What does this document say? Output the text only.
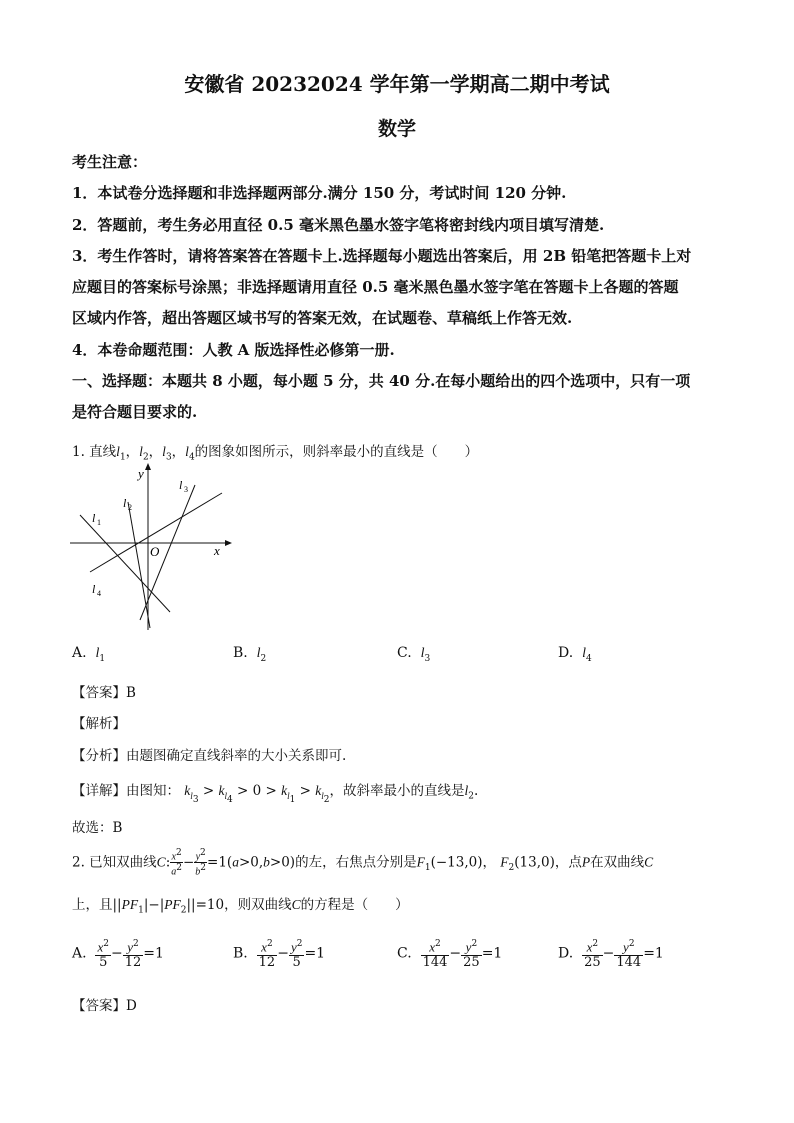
安徽省 20232024 学年第一学期高二期中考试
数学
考生注意：
1．本试卷分选择题和非选择题两部分.满分 150 分，考试时间 120 分钟.
2．答题前，考生务必用直径 0.5 毫米黑色墨水签字笔将密封线内项目填写清楚.
3．考生作答时，请将答案答在答题卡上.选择题每小题选出答案后，用 2B 铅笔把答题卡上对
应题目的答案标号涂黑；非选择题请用直径 0.5 毫米黑色墨水签字笔在答题卡上各题的答题
区域内作答，超出答题区域书写的答案无效，在试题卷、草稿纸上作答无效.
4．本卷命题范围：人教 A 版选择性必修第一册.
一、选择题：本题共 8 小题，每小题 5 分，共 40 分.在每小题给出的四个选项中，只有一项
是符合题目要求的.
1. 直线$l_1$，$l_2$，$l_3$，$l_4$的图象如图所示，则斜率最小的直线是（　　）
x
y
O
l 1
l 2
l 3
l 4
A. $l_1$	B. $l_2$	C. $l_3$	D. $l_4$
【答案】B
【解析】
【分析】由题图确定直线斜率的大小关系即可.
【详解】由图知： $k_{l_3} > k_{l_4} > 0 > k_{l_1} > k_{l_2}$，故斜率最小的直线是$l_2$.
故选：B
2. 已知双曲线C: $\frac{x^2}{a^2} - \frac{y^2}{b^2} =1(a>0,b>0)$的左，右焦点分别是$F_1(-13,0)$， $F_2(13,0)$，点P在双曲线C
上，且$||PF_1|-|PF_2||=10$，则双曲线C的方程是（　　）
A. $\frac{x^2}{5} - \frac{y^2}{12} =1$	B. $\frac{x^2}{12} - \frac{y^2}{5} =1$	C. $\frac{x^2}{144} - \frac{y^2}{25} =1$	D. $\frac{x^2}{25} - \frac{y^2}{144} =1$
【答案】D
